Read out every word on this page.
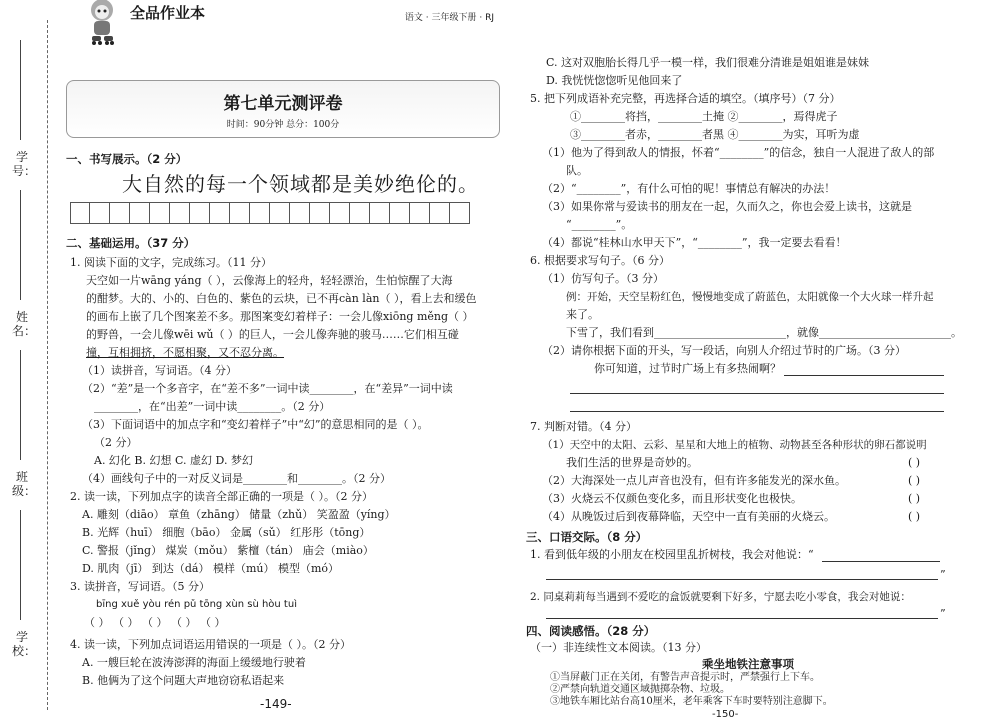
学号：
姓名：
班级：
学校：
全品作业本	语文 · 三年级下册 · RJ
第七单元测评卷
时间：90分钟 总分：100分
一、书写展示。（2 分）
大自然的每一个领域都是美妙绝伦的。
二、基础运用。（37 分）
1. 阅读下面的文字，完成练习。（11 分）
天空如一片wāng yáng（ ），云像海上的轻舟，轻轻漂治，生怕惊醒了大海
的酣梦。大的、小的、白色的、紫色的云块，已不再càn làn（ ），看上去和缓色
的画布上嵌了几个图案差不多。那图案变幻着样子：一会儿像xiōng měng（ ）
的野兽，一会儿像wēi wǔ（ ）的巨人，一会儿像奔驰的骏马……它们相互碰
撞，互相拥挤，不愿相聚，又不忍分离。
（1）读拼音，写词语。（4 分）
（2）“差”是一个多音字，在“差不多”一词中读________，在“差异”一词中读
________，在“出差”一词中读________。（2 分）
（3）下面词语中的加点字和“变幻着样子”中“幻”的意思相同的是（ ）。
（2 分）
A. 幻化 B. 幻想 C. 虚幻 D. 梦幻
（4）画线句子中的一对反义词是________和________。（2 分）
2. 读一读，下列加点字的读音全部正确的一项是（ ）。（2 分）
A. 雕刻（diāo） 章鱼（zhāng） 储量（zhǔ） 笑盈盈（yíng）
B. 光辉（huī） 细胞（bāo） 金属（sǔ） 红彤彤（tōng）
C. 警报（jǐng） 煤炭（mǒu） 紫檀（tán） 庙会（miào）
D. 肌肉（jī） 到达（dá） 模样（mú） 模型（mó）
3. 读拼音，写词语。（5 分）
bīng xuě yòu rén pǔ tōng xùn sù hòu tuì
（ ） （ ） （ ） （ ） （ ）
4. 读一读，下列加点词语运用错误的一项是（ ）。（2 分）
A. 一艘巨轮在波涛澎湃的海面上缓缓地行驶着
B. 他俩为了这个问题大声地窃窃私语起来
-149-
C. 这对双胞胎长得几乎一模一样，我们很难分清谁是姐姐谁是妹妹
D. 我恍恍惚惚听见他回来了
5. 把下列成语补充完整，再选择合适的填空。（填序号）（7 分）
①________将挡，________土掩 ②________，焉得虎子
③________者赤，________者黑 ④________为实，耳听为虚
（1）他为了得到敌人的情报，怀着“________”的信念，独自一人混进了敌人的部
队。
（2）“________”，有什么可怕的呢！事情总有解决的办法！
（3）如果你常与爱读书的朋友在一起，久而久之，你也会爱上读书，这就是
“________”。
（4）都说“桂林山水甲天下”，“________”，我一定要去看看！
6. 根据要求写句子。（6 分）
（1）仿写句子。（3 分）
例：开始，天空呈粉红色，慢慢地变成了蔚蓝色，太阳就像一个大火球一样升起
来了。
下雪了，我们看到________________________，就像________________________。
（2）请你根据下面的开头，写一段话，向别人介绍过节时的广场。（3 分）
你可知道，过节时广场上有多热闹啊？
7. 判断对错。（4 分）
（1）天空中的太阳、云彩、星星和大地上的植物、动物甚至各种形状的卵石都说明
我们生活的世界是奇妙的。	( )
（2）大海深处一点儿声音也没有，但有许多能发光的深水鱼。	( )
（3）火烧云不仅颜色变化多，而且形状变化也极快。	( )
（4）从晚饭过后到夜幕降临，天空中一直有美丽的火烧云。	( )
三、口语交际。（8 分）
1. 看到低年级的小朋友在校园里乱折树枝，我会对他说：“
”
2. 同桌莉莉每当遇到不爱吃的盒饭就要剩下好多，宁愿去吃小零食，我会对她说：
”
四、阅读感悟。（28 分）
（一）非连续性文本阅读。（13 分）
乘坐地铁注意事项
①当屏蔽门正在关闭，有警告声音提示时，严禁强行上下车。
②严禁向轨道交通区域抛掷杂物、垃圾。
③地铁车厢比站台高10厘米，老年乘客下车时要特别注意脚下。
-150-
